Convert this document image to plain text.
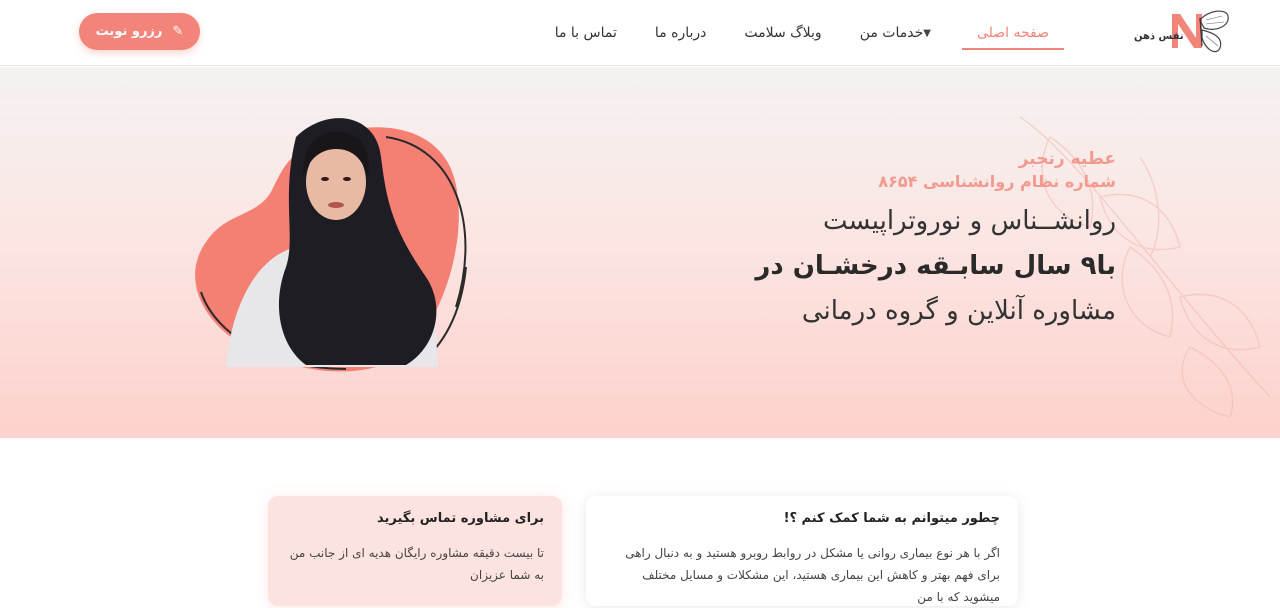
رزرو نوبت ✎	صفحه اصلی
خدمات من ▼
وبلاگ سلامت
درباره ما
تماس با ما	نفس ذهن
عطیه رنجبر
شماره نظام روانشناسی ۸۶۵۴
روانشــناس و نوروتراپیست
با۹ سال سابـقه درخشـان در
مشاوره آنلاین و گروه درمانی
چطور میتوانم به شما کمک کنم ؟!
اگر با هر نوع بیماری روانی یا مشکل در روابط روبرو هستید و به دنبال راهی برای فهم بهتر و کاهش این بیماری هستید، این مشکلات و مسایل مختلف میشوید که با من
برای مشاوره تماس بگیرید
تا بیست دقیقه مشاوره رایگان هدیه ای از جانب من به شما عزیزان
